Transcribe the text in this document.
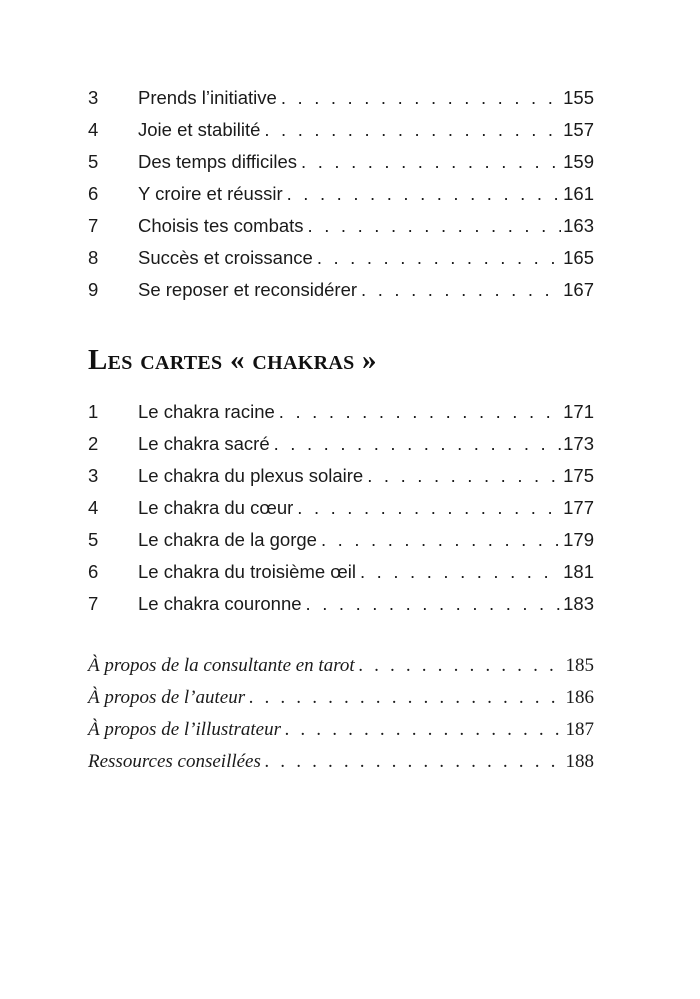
3	Prends l’initiative . . .	155
4	Joie et stabilité . . .	157
5	Des temps difficiles . . .	159
6	Y croire et réussir . . .	161
7	Choisis tes combats . . .	163
8	Succès et croissance . . .	165
9	Se reposer et reconsidérer . . .	167
Les cartes « chakras »
1	Le chakra racine . . .	171
2	Le chakra sacré . . .	173
3	Le chakra du plexus solaire . . .	175
4	Le chakra du cœur . . .	177
5	Le chakra de la gorge . . .	179
6	Le chakra du troisième œil . . .	181
7	Le chakra couronne . . .	183
À propos de la consultante en tarot . . .	185
À propos de l’auteur . . .	186
À propos de l’illustrateur . . .	187
Ressources conseillées . . .	188
